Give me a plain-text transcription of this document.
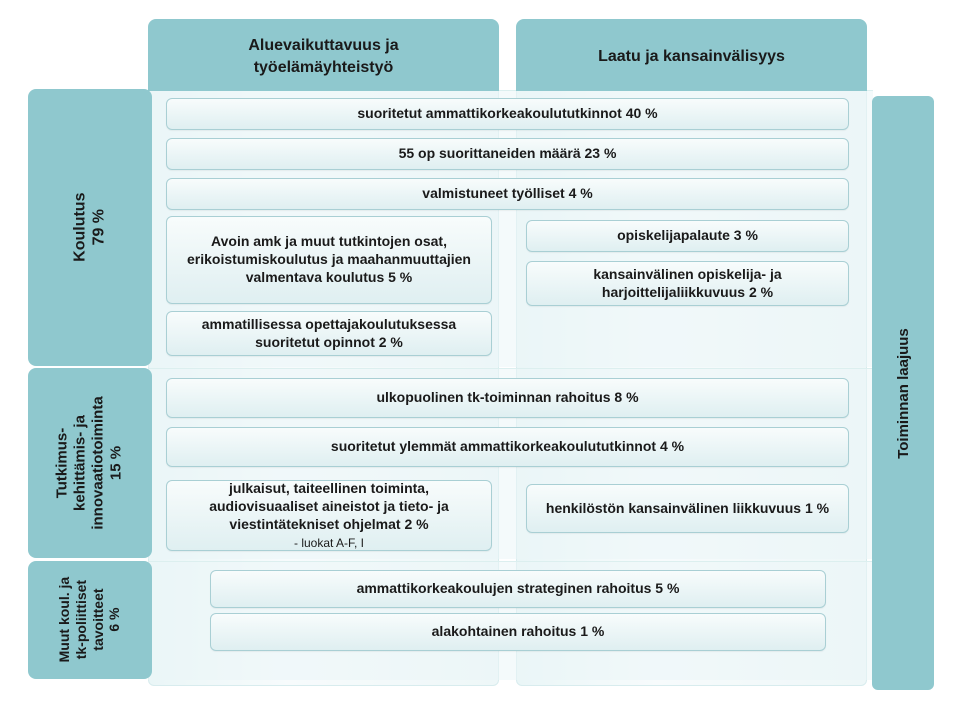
Aluevaikuttavuus ja
työelämäyhteistyö
Laatu ja kansainvälisyys
Koulutus
79 %
Tutkimus-
kehittämis- ja
innovaatiotoiminta
15 %
Muut koul. ja
tk-poliittiset
tavoitteet
6 %
Toiminnan laajuus
suoritetut ammattikorkeakoulututkinnot 40 %
55 op suorittaneiden määrä 23 %
valmistuneet työlliset 4 %
Avoin amk ja muut tutkintojen osat, erikoistumiskoulutus ja maahanmuuttajien valmentava koulutus 5 %
ammatillisessa opettajakoulutuksessa suoritetut opinnot 2 %
opiskelijapalaute 3 %
kansainvälinen opiskelija- ja harjoittelijaliikkuvuus 2 %
ulkopuolinen tk-toiminnan rahoitus 8 %
suoritetut ylemmät ammattikorkeakoulututkinnot 4 %
julkaisut, taiteellinen toiminta, audiovisuaaliset aineistot ja tieto- ja viestintätekniset ohjelmat 2 %
- luokat A-F, I
henkilöstön kansainvälinen liikkuvuus 1 %
ammattikorkeakoulujen strateginen rahoitus 5 %
alakohtainen rahoitus 1 %
